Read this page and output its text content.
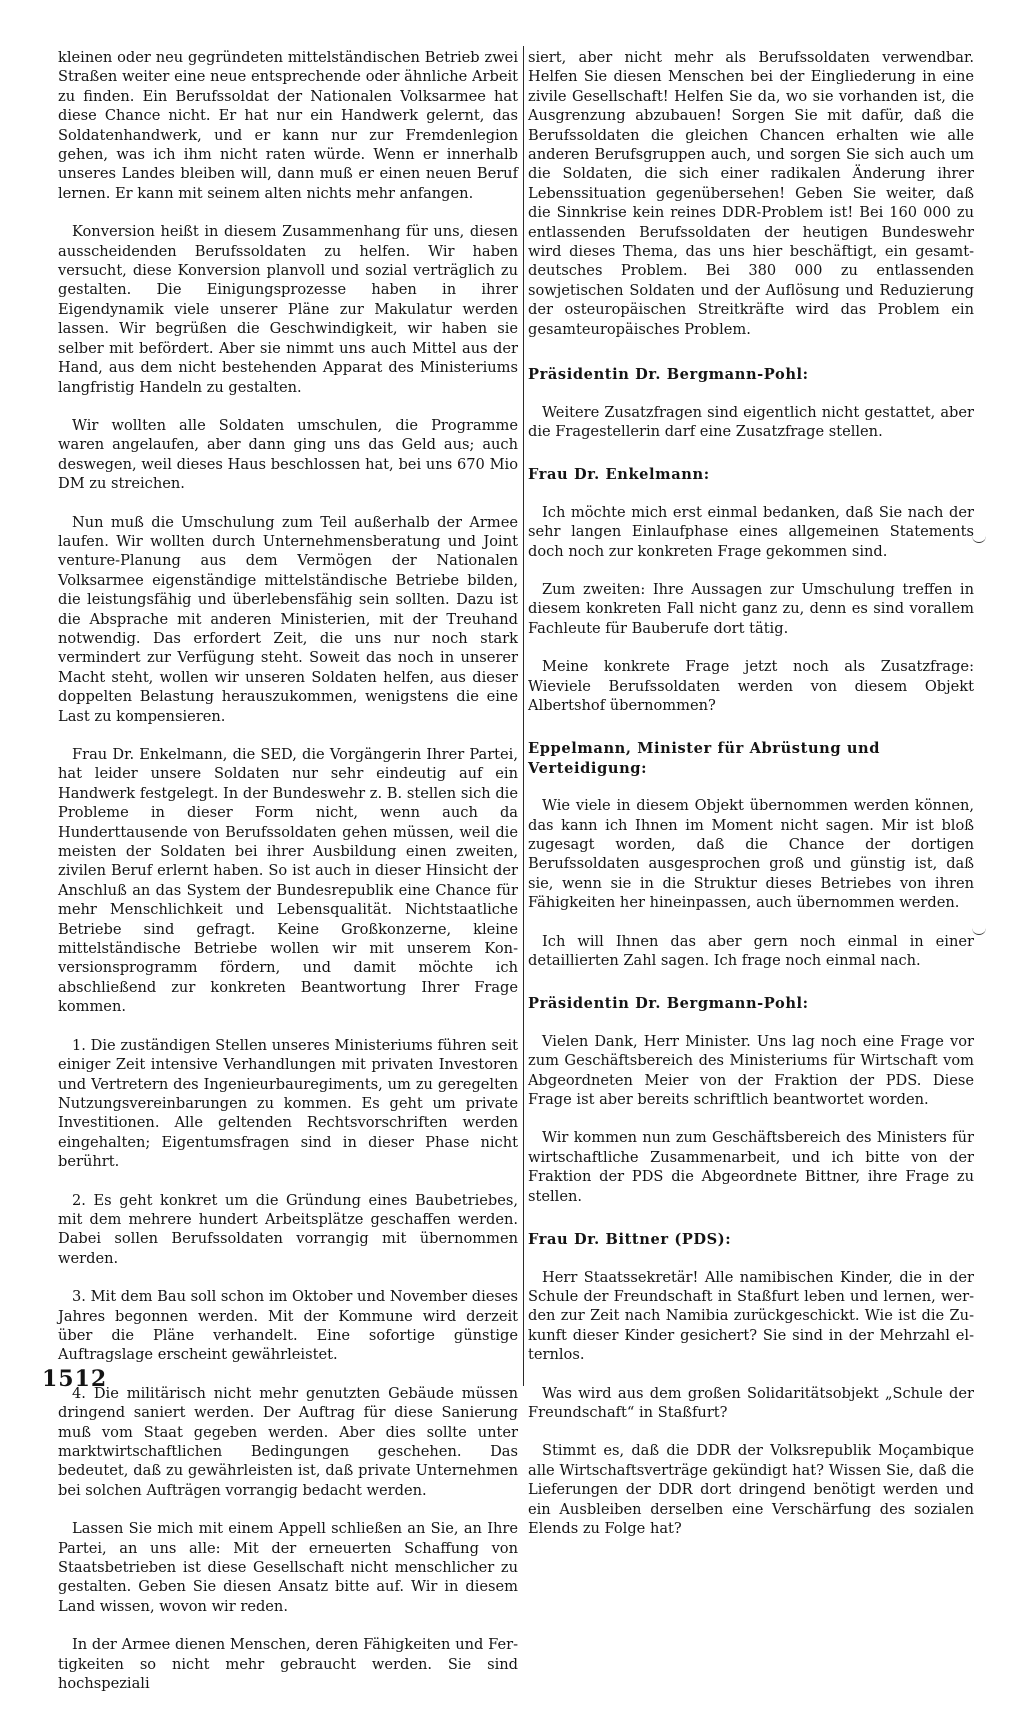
kleinen oder neu gegründeten mittelständischen Betrieb zwei Straßen weiter eine neue entsprechende oder ähnliche Arbeit zu finden. Ein Berufssoldat der Nationalen Volksarmee hat diese Chance nicht. Er hat nur ein Handwerk gelernt, das Soldatenhandwerk, und er kann nur zur Fremdenlegion gehen, was ich ihm nicht raten würde. Wenn er innerhalb unseres Landes bleiben will, dann muß er einen neuen Beruf lernen. Er kann mit seinem alten nichts mehr anfangen.

Konversion heißt in diesem Zusammenhang für uns, diesen ausscheidenden Berufssoldaten zu helfen. Wir haben versucht, diese Konversion planvoll und sozial verträglich zu gestalten. Die Einigungsprozesse haben in ihrer Eigendynamik viele unserer Pläne zur Makulatur werden lassen. Wir begrüßen die Geschwindigkeit, wir haben sie selber mit befördert. Aber sie nimmt uns auch Mittel aus der Hand, aus dem nicht bestehenden Apparat des Ministeriums langfristig Handeln zu gestalten.

Wir wollten alle Soldaten umschulen, die Programme waren angelaufen, aber dann ging uns das Geld aus; auch deswegen, weil dieses Haus beschlossen hat, bei uns 670 Mio DM zu streichen.

Nun muß die Umschulung zum Teil außerhalb der Armee laufen. Wir wollten durch Unternehmensberatung und Joint venture-Planung aus dem Vermögen der Nationalen Volksarmee eigenständige mittelständische Betriebe bilden, die leistungsfähig und überlebensfähig sein sollten. Dazu ist die Absprache mit anderen Ministerien, mit der Treuhand notwendig. Das erfordert Zeit, die uns nur noch stark vermindert zur Verfügung steht. Soweit das noch in unserer Macht steht, wollen wir unseren Soldaten helfen, aus dieser doppelten Belastung herauszukommen, wenigstens die eine Last zu kompensieren.

Frau Dr. Enkelmann, die SED, die Vorgängerin Ihrer Partei, hat leider unsere Soldaten nur sehr eindeutig auf ein Handwerk festgelegt. In der Bundeswehr z. B. stellen sich die Probleme in dieser Form nicht, wenn auch da Hunderttausende von Berufssoldaten gehen müssen, weil die meisten der Soldaten bei ihrer Ausbildung einen zweiten, zivilen Beruf erlernt haben. So ist auch in dieser Hinsicht der Anschluß an das System der Bundesrepublik eine Chance für mehr Menschlichkeit und Lebensqualität. Nichtstaatliche Betriebe sind gefragt. Keine Großkonzerne, kleine mittelständische Betriebe wollen wir mit unserem Konversionsprogramm fördern, und damit möchte ich abschließend zur konkreten Beantwortung Ihrer Frage kommen.

1. Die zuständigen Stellen unseres Ministeriums führen seit einiger Zeit intensive Verhandlungen mit privaten Investoren und Vertretern des Ingenieurbauregiments, um zu geregelten Nutzungsvereinbarungen zu kommen. Es geht um private Investitionen. Alle geltenden Rechtsvorschriften werden eingehalten; Eigentumsfragen sind in dieser Phase nicht berührt.

2. Es geht konkret um die Gründung eines Baubetriebes, mit dem mehrere hundert Arbeitsplätze geschaffen werden. Dabei sollen Berufssoldaten vorrangig mit übernommen werden.

3. Mit dem Bau soll schon im Oktober und November dieses Jahres begonnen werden. Mit der Kommune wird derzeit über die Pläne verhandelt. Eine sofortige günstige Auftragslage erscheint gewährleistet.

4. Die militärisch nicht mehr genutzten Gebäude müssen dringend saniert werden. Der Auftrag für diese Sanierung muß vom Staat gegeben werden. Aber dies sollte unter marktwirtschaftlichen Bedingungen geschehen. Das bedeutet, daß zu gewährleisten ist, daß private Unternehmen bei solchen Aufträgen vorrangig bedacht werden.

Lassen Sie mich mit einem Appell schließen an Sie, an Ihre Partei, an uns alle: Mit der erneuerten Schaffung von Staatsbetrieben ist diese Gesellschaft nicht menschlicher zu gestalten. Geben Sie diesen Ansatz bitte auf. Wir in diesem Land wissen, wovon wir reden.

In der Armee dienen Menschen, deren Fähigkeiten und Fertigkeiten so nicht mehr gebraucht werden. Sie sind hochspeziali

siert, aber nicht mehr als Berufssoldaten verwendbar. Helfen Sie diesen Menschen bei der Eingliederung in eine zivile Gesellschaft! Helfen Sie da, wo sie vorhanden ist, die Ausgrenzung abzubauen! Sorgen Sie mit dafür, daß die Berufssoldaten die gleichen Chancen erhalten wie alle anderen Berufsgruppen auch, und sorgen Sie sich auch um die Soldaten, die sich einer radikalen Änderung ihrer Lebenssituation gegenübersehen! Geben Sie weiter, daß die Sinnkrise kein reines DDR-Problem ist! Bei 160 000 zu entlassenden Berufssoldaten der heutigen Bundeswehr wird dieses Thema, das uns hier beschäftigt, ein gesamtdeutsches Problem. Bei 380 000 zu entlassenden sowjetischen Soldaten und der Auflösung und Reduzierung der osteuropäischen Streitkräfte wird das Problem ein gesamteuropäisches Problem.

Präsidentin Dr. Bergmann-Pohl:

Weitere Zusatzfragen sind eigentlich nicht gestattet, aber die Fragestellerin darf eine Zusatzfrage stellen.

Frau Dr. Enkelmann:

Ich möchte mich erst einmal bedanken, daß Sie nach der sehr langen Einlaufphase eines allgemeinen Statements doch noch zur konkreten Frage gekommen sind.

Zum zweiten: Ihre Aussagen zur Umschulung treffen in diesem konkreten Fall nicht ganz zu, denn es sind vorallem Fachleute für Bauberufe dort tätig.

Meine konkrete Frage jetzt noch als Zusatzfrage: Wieviele Berufssoldaten werden von diesem Objekt Albertshof übernommen?

Eppelmann, Minister für Abrüstung und Verteidigung:

Wie viele in diesem Objekt übernommen werden können, das kann ich Ihnen im Moment nicht sagen. Mir ist bloß zugesagt worden, daß die Chance der dortigen Berufssoldaten ausgesprochen groß und günstig ist, daß sie, wenn sie in die Struktur dieses Betriebes von ihren Fähigkeiten her hineinpassen, auch übernommen werden.

Ich will Ihnen das aber gern noch einmal in einer detaillierten Zahl sagen. Ich frage noch einmal nach.

Präsidentin Dr. Bergmann-Pohl:

Vielen Dank, Herr Minister. Uns lag noch eine Frage vor zum Geschäftsbereich des Ministeriums für Wirtschaft vom Abgeordneten Meier von der Fraktion der PDS. Diese Frage ist aber bereits schriftlich beantwortet worden.

Wir kommen nun zum Geschäftsbereich des Ministers für wirtschaftliche Zusammenarbeit, und ich bitte von der Fraktion der PDS die Abgeordnete Bittner, ihre Frage zu stellen.

Frau Dr. Bittner (PDS):

Herr Staatssekretär! Alle namibischen Kinder, die in der Schule der Freundschaft in Staßfurt leben und lernen, werden zur Zeit nach Namibia zurückgeschickt. Wie ist die Zukunft dieser Kinder gesichert? Sie sind in der Mehrzahl elternlos.

Was wird aus dem großen Solidaritätsobjekt „Schule der Freundschaft“ in Staßfurt?

Stimmt es, daß die DDR der Volksrepublik Moçambique alle Wirtschaftsverträge gekündigt hat? Wissen Sie, daß die Lieferungen der DDR dort dringend benötigt werden und ein Ausbleiben derselben eine Verschärfung des sozialen Elends zu Folge hat?

1512
